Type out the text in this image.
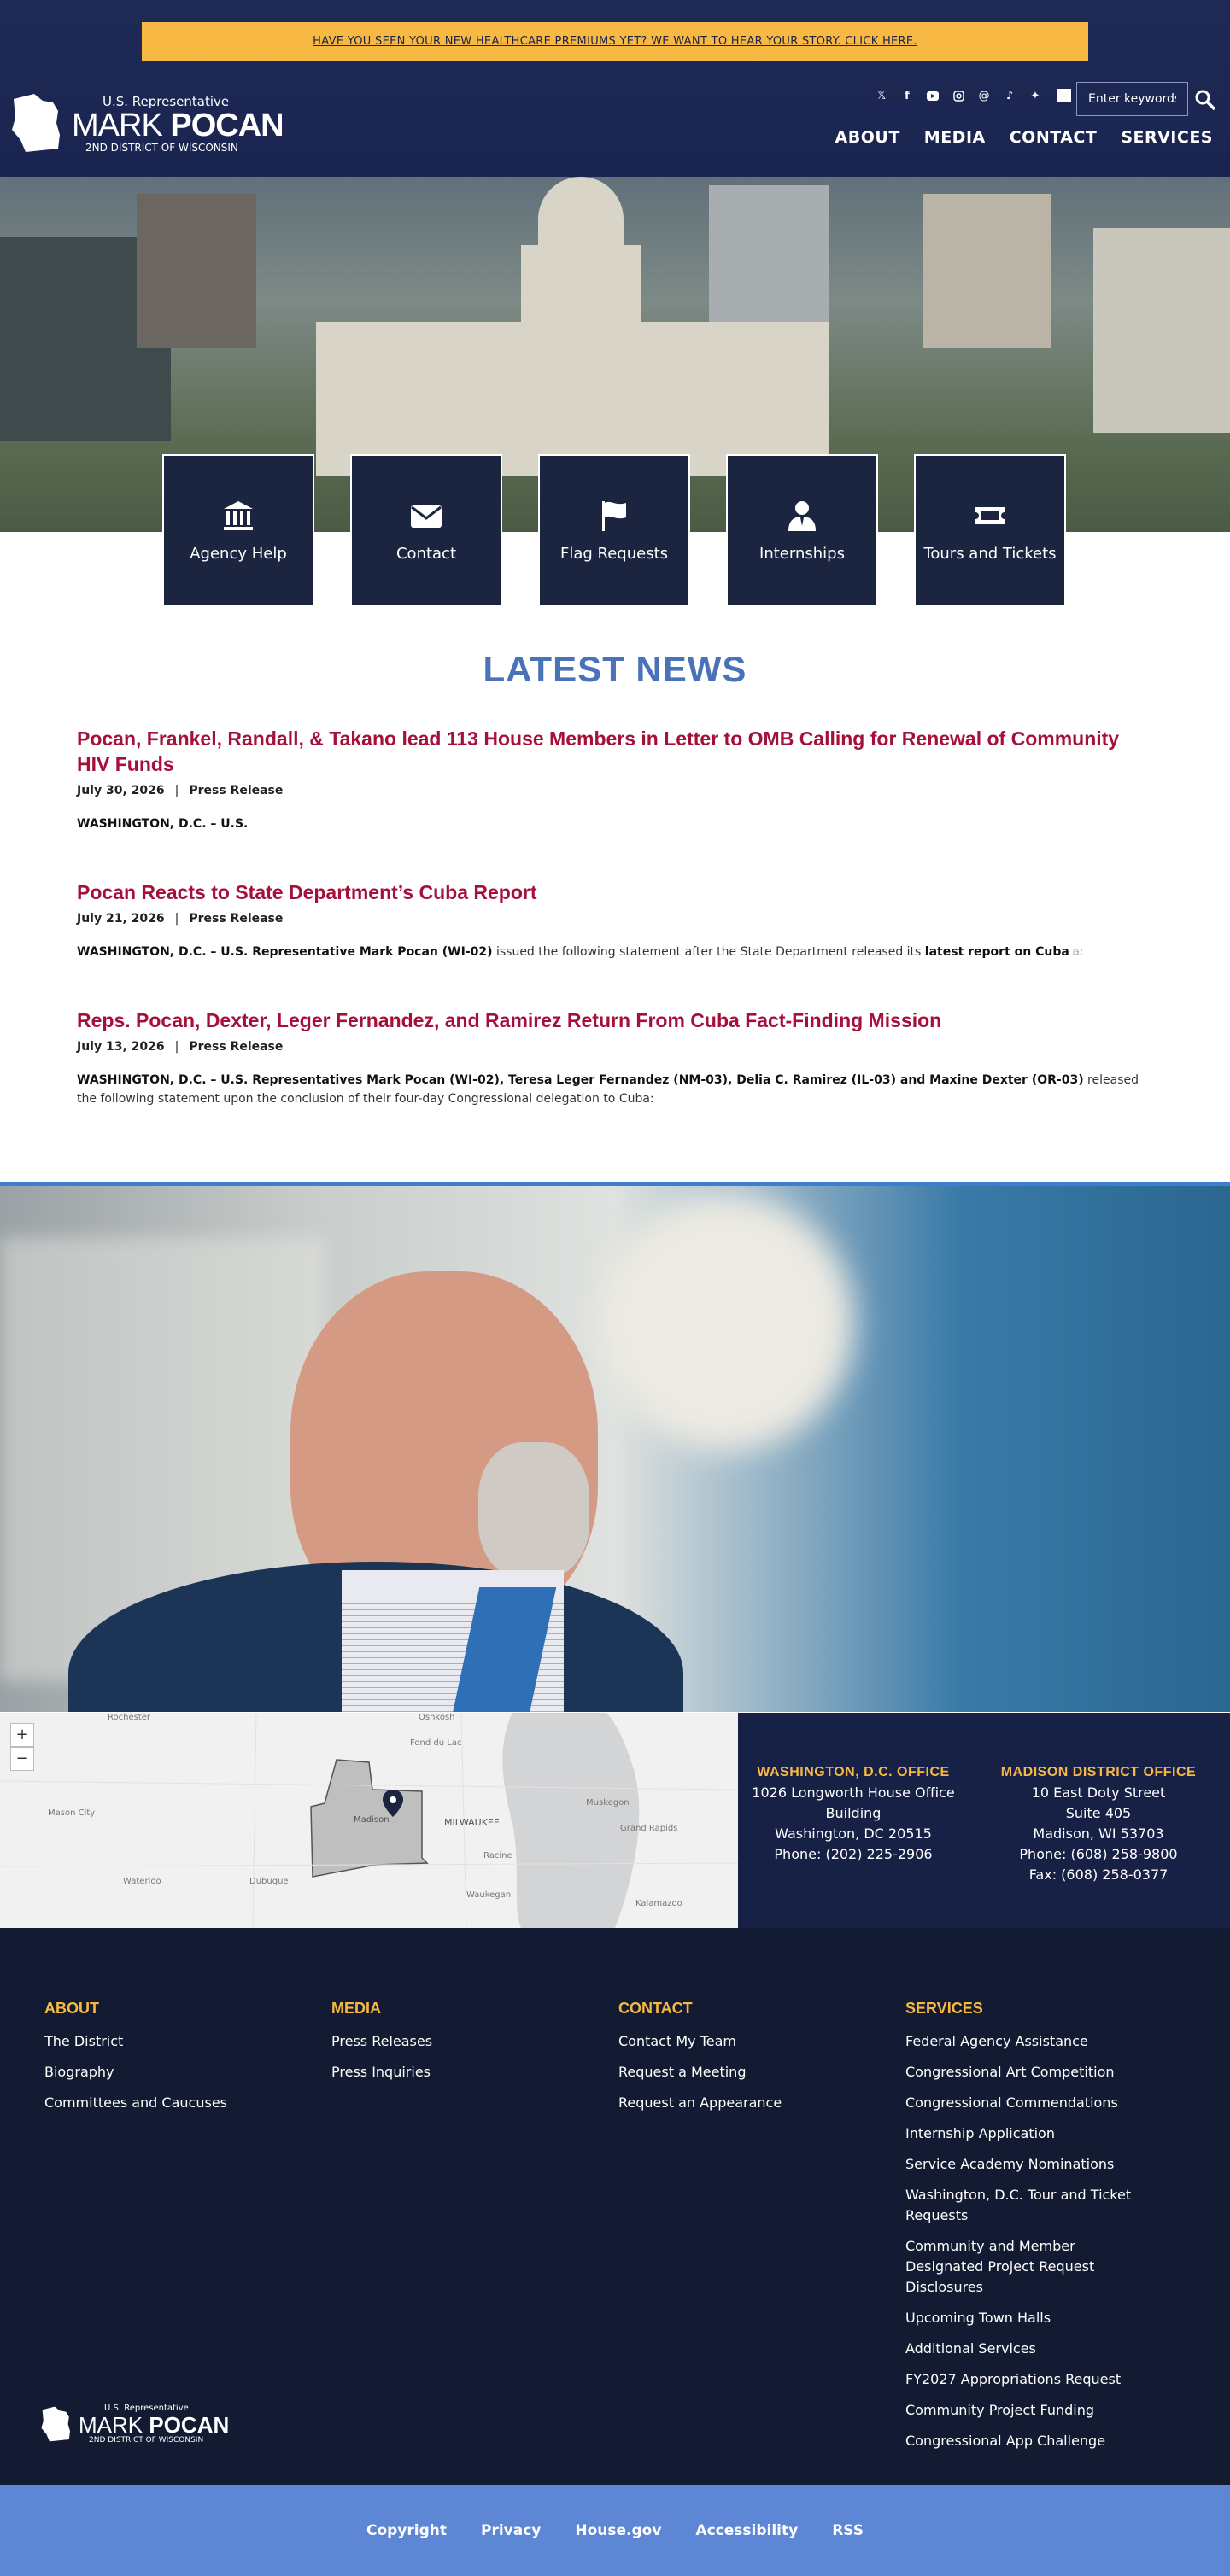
HAVE YOU SEEN YOUR NEW HEALTHCARE PREMIUMS YET? WE WANT TO HEAR YOUR STORY. CLICK HERE.
U.S. Representative
MARK POCAN
2ND DISTRICT OF WISCONSIN
𝕏 f	@ ♪ ✦
Enter keywords
ABOUT MEDIA CONTACT SERVICES
Agency Help	Contact	Flag Requests	Internships	Tours and Tickets
LATEST NEWS
Pocan, Frankel, Randall, & Takano lead 113 House Members in Letter to OMB Calling for Renewal of Community HIV Funds
July 30, 2026 | Press Release
WASHINGTON, D.C. – U.S.
Pocan Reacts to State Department’s Cuba Report
July 21, 2026 | Press Release
WASHINGTON, D.C. – U.S. Representative Mark Pocan (WI-02) issued the following statement after the State Department released its latest report on Cuba ⧉:
Reps. Pocan, Dexter, Leger Fernandez, and Ramirez Return From Cuba Fact-Finding Mission
July 13, 2026 | Press Release
WASHINGTON, D.C. – U.S. Representatives Mark Pocan (WI-02), Teresa Leger Fernandez (NM-03), Delia C. Ramirez (IL-03) and Maxine Dexter (OR-03) released the following statement upon the conclusion of their four-day Congressional delegation to Cuba:
+
−
Rochester	Oshkosh
Fond du Lac
Mason City
Madison	MILWAUKEE
Racine
Muskegon
Grand Rapids
Waterloo	Dubuque
Waukegan
Kalamazoo
WASHINGTON, D.C. OFFICE
1026 Longworth House Office
Building
Washington, DC 20515
Phone: (202) 225-2906
MADISON DISTRICT OFFICE
10 East Doty Street
Suite 405
Madison, WI 53703
Phone: (608) 258-9800
Fax: (608) 258-0377
ABOUT
The District
Biography
Committees and Caucuses
MEDIA
Press Releases
Press Inquiries
CONTACT
Contact My Team
Request a Meeting
Request an Appearance
SERVICES
Federal Agency Assistance
Congressional Art Competition
Congressional Commendations
Internship Application
Service Academy Nominations
Washington, D.C. Tour and Ticket Requests
Community and Member Designated Project Request Disclosures
Upcoming Town Halls
Additional Services
FY2027 Appropriations Request
Community Project Funding
Congressional App Challenge
U.S. Representative
MARK POCAN
2ND DISTRICT OF WISCONSIN
Copyright Privacy House.gov Accessibility RSS
